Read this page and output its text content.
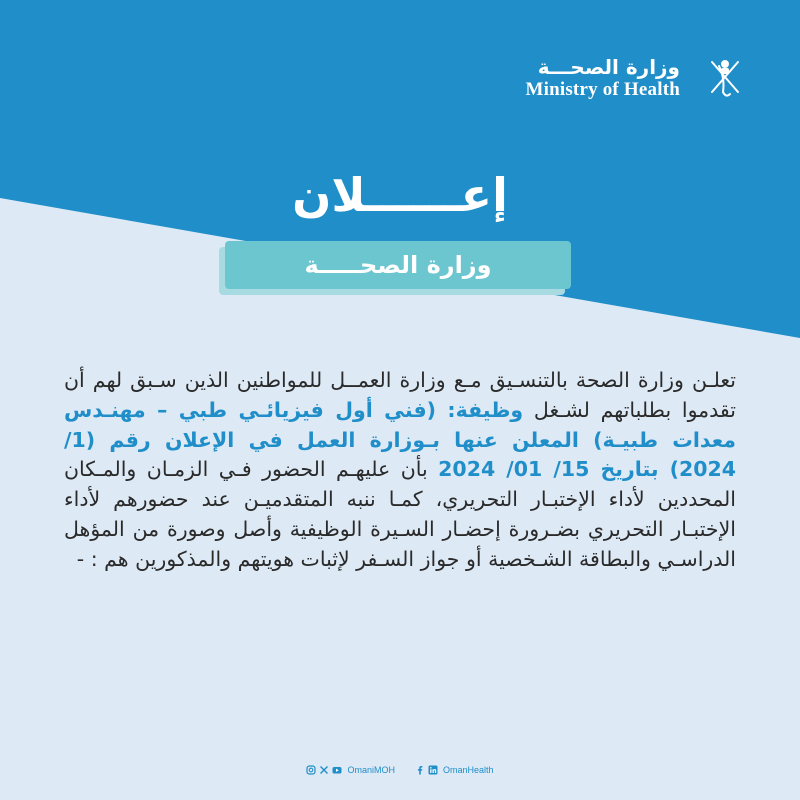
وزارة الصحـــة
Ministry of Health
إعــــــلان
وزارة الصحـــــة
تعلـن وزارة الصحة بالتنسـيق مـع وزارة العمــل للمواطنين الذين سـبق لهم أن تقدموا بطلباتهم لشـغل وظيفة: (فني أول فيزيائـي طبي – مهنـدس معدات طبيـة) المعلن عنها بـوزارة العمل في الإعلان رقم (1/ 2024) بتاريخ 15/ 01/ 2024 بأن عليهـم الحضور فـي الزمـان والمـكان المحددين لأداء الإختبـار التحريري، كمـا ننبه المتقدميـن عند حضورهم لأداء الإختبـار التحريري بضـرورة إحضـار السـيرة الوظيفية وأصل وصورة من المؤهل الدراسـي والبطاقة الشـخصية أو جواز السـفر لإثبات هويتهم والمذكورين هم : -
OmaniMOH	OmanHealth
